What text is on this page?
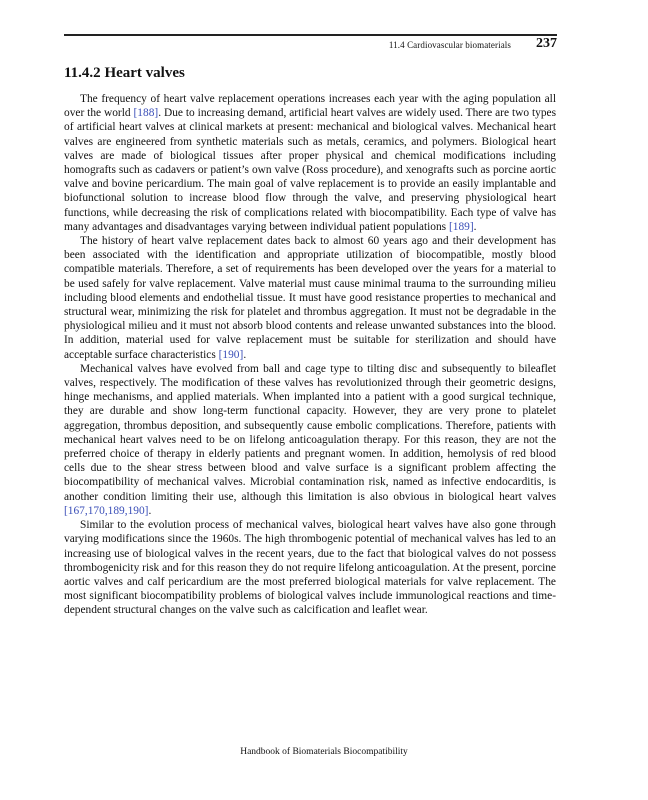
11.4 Cardiovascular biomaterials 237
11.4.2 Heart valves

The frequency of heart valve replacement operations increases each year with the aging population all over the world [188]. Due to increasing demand, artificial heart valves are widely used. There are two types of artificial heart valves at clinical markets at present: mechanical and biological valves. Mechanical heart valves are engineered from synthetic materials such as metals, ceramics, and polymers. Biological heart valves are made of biological tissues after proper physical and chemical modifications including homografts such as cadavers or patient’s own valve (Ross procedure), and xenografts such as porcine aortic valve and bovine pericardium. The main goal of valve replacement is to provide an easily implantable and biofunctional solution to increase blood flow through the valve, and preserving physiological heart functions, while decreasing the risk of complications related with biocompatibility. Each type of valve has many advantages and disadvantages varying between individual patient populations [189].

The history of heart valve replacement dates back to almost 60 years ago and their development has been associated with the identification and appropriate utilization of biocompatible, mostly blood compatible materials. Therefore, a set of requirements has been developed over the years for a material to be used safely for valve replacement. Valve material must cause minimal trauma to the surrounding milieu including blood elements and endothelial tissue. It must have good resistance properties to mechanical and structural wear, minimizing the risk for platelet and thrombus aggregation. It must not be degradable in the physiological milieu and it must not absorb blood contents and release unwanted substances into the blood. In addition, material used for valve replacement must be suitable for sterilization and should have acceptable surface characteristics [190].

Mechanical valves have evolved from ball and cage type to tilting disc and subsequently to bileaflet valves, respectively. The modification of these valves has revolutionized through their geometric designs, hinge mechanisms, and applied materials. When implanted into a patient with a good surgical technique, they are durable and show long-term functional capacity. However, they are very prone to platelet aggregation, thrombus deposition, and subsequently cause embolic complications. Therefore, patients with mechanical heart valves need to be on lifelong anticoagulation therapy. For this reason, they are not the preferred choice of therapy in elderly patients and pregnant women. In addition, hemolysis of red blood cells due to the shear stress between blood and valve surface is a significant problem affecting the biocompatibility of mechanical valves. Microbial contamination risk, named as infective endocarditis, is another condition limiting their use, although this limitation is also obvious in biological heart valves [167,170,189,190].

Similar to the evolution process of mechanical valves, biological heart valves have also gone through varying modifications since the 1960s. The high thrombogenic potential of mechanical valves has led to an increasing use of biological valves in the recent years, due to the fact that biological valves do not possess thrombogenicity risk and for this reason they do not require lifelong anticoagulation. At the present, porcine aortic valves and calf pericardium are the most preferred biological materials for valve replacement. The most significant biocompatibility problems of biological valves include immunological reactions and time-dependent structural changes on the valve such as calcification and leaflet wear.

Handbook of Biomaterials Biocompatibility
